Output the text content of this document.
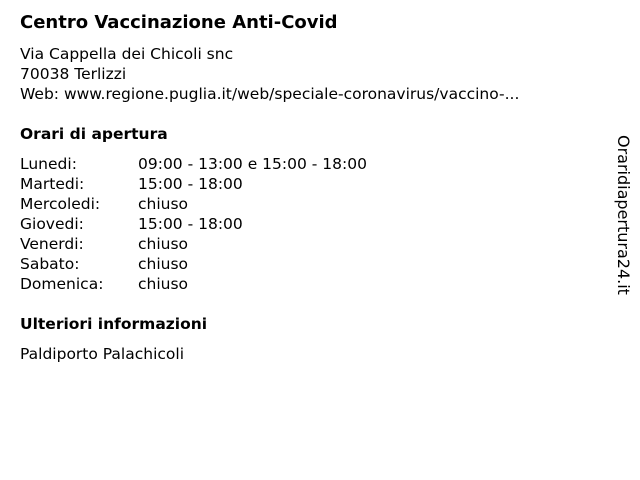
Centro Vaccinazione Anti-Covid
Via Cappella dei Chicoli snc
70038 Terlizzi
Web: www.regione.puglia.it/web/speciale-coronavirus/vaccino-...
Orari di apertura
Lunedi:	09:00 - 13:00 e 15:00 - 18:00
Martedi:	15:00 - 18:00
Mercoledi: chiuso
Giovedi:	15:00 - 18:00
Venerdi:	chiuso
Sabato:	chiuso
Domenica: chiuso
Ulteriori informazioni
Paldiporto Palachicoli
Oraridiapertura24.it
